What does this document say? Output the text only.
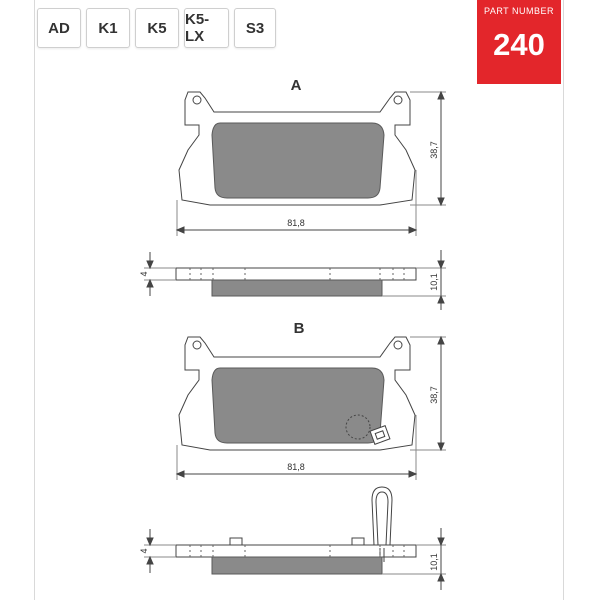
AD	K1	K5	K5-LX	S3
PART NUMBER
240
A
81,8
38,7
4	10,1
B
81,8
38,7
4
10,1
